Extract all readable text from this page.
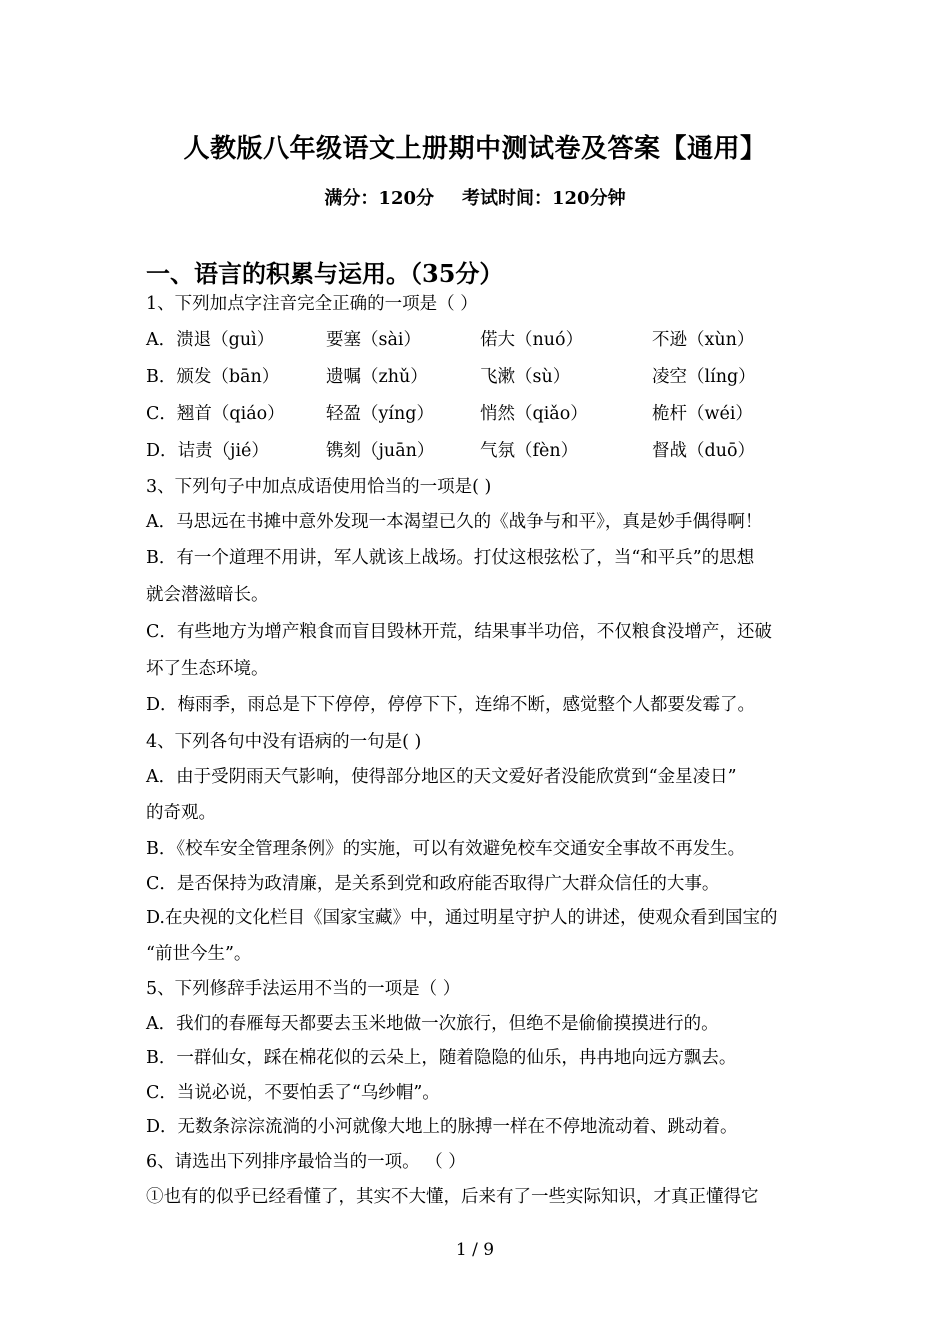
人教版八年级语文上册期中测试卷及答案【通用】
满分：120分 考试时间：120分钟
一、语言的积累与运用。（35分）
1、下列加点字注音完全正确的一项是（ ）
A．溃退（guì）	要塞（sài）	偌大（nuó）	不逊（xùn）
B．颁发（bān）	遗嘱（zhǔ）	飞漱（sù）	凌空（líng）
C．翘首（qiáo） 轻盈（yíng）	悄然（qiǎo）	桅杆（wéi）
D．诘责（jié）	镌刻（juān）	气氛（fèn）	督战（duō）
3、下列句子中加点成语使用恰当的一项是( )
A．马思远在书摊中意外发现一本渴望已久的《战争与和平》，真是妙手偶得啊！
B．有一个道理不用讲，军人就该上战场。打仗这根弦松了，当“和平兵”的思想
就会潜滋暗长。
C．有些地方为增产粮食而盲目毁林开荒，结果事半功倍，不仅粮食没增产，还破
坏了生态环境。
D．梅雨季，雨总是下下停停，停停下下，连绵不断，感觉整个人都要发霉了。
4、下列各句中没有语病的一句是( )
A．由于受阴雨天气影响，使得部分地区的天文爱好者没能欣赏到“金星凌日”
的奇观。
B．《校车安全管理条例》的实施，可以有效避免校车交通安全事故不再发生。
C．是否保持为政清廉，是关系到党和政府能否取得广大群众信任的大事。
D.在央视的文化栏目《国家宝藏》中，通过明星守护人的讲述，使观众看到国宝的
“前世今生”。
5、下列修辞手法运用不当的一项是（ ）
A．我们的春雁每天都要去玉米地做一次旅行，但绝不是偷偷摸摸进行的。
B．一群仙女，踩在棉花似的云朵上，随着隐隐的仙乐，冉冉地向远方飘去。
C．当说必说，不要怕丢了“乌纱帽”。
D．无数条淙淙流淌的小河就像大地上的脉搏一样在不停地流动着、跳动着。
6、请选出下列排序最恰当的一项。 （ ）
①也有的似乎已经看懂了，其实不大懂，后来有了一些实际知识，才真正懂得它
1 / 9
